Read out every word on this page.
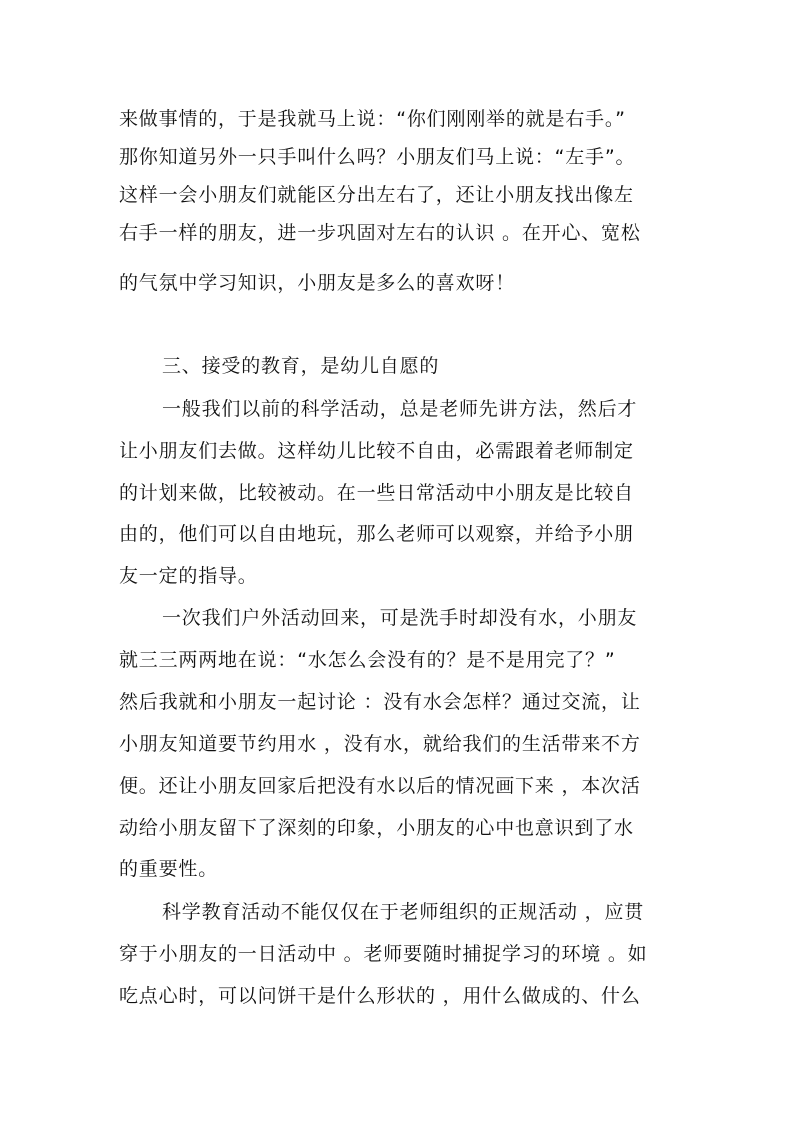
来做事情的，于是我就马上说：“你们刚刚举的就是右手。”
那你知道另外一只手叫什么吗？小朋友们马上说：“左手”。
这样一会小朋友们就能区分出左右了，还让小朋友找出像左
右手一样的朋友，进一步巩固对左右的认识 。在开心、宽松
的气氛中学习知识，小朋友是多么的喜欢呀！
三、接受的教育，是幼儿自愿的
一般我们以前的科学活动，总是老师先讲方法，然后才
让小朋友们去做。这样幼儿比较不自由，必需跟着老师制定
的计划来做，比较被动。在一些日常活动中小朋友是比较自
由的，他们可以自由地玩，那么老师可以观察，并给予小朋
友一定的指导。
一次我们户外活动回来，可是洗手时却没有水，小朋友
就三三两两地在说：“水怎么会没有的？是不是用完了？”
然后我就和小朋友一起讨论 ：没有水会怎样？通过交流，让
小朋友知道要节约用水 ，没有水，就给我们的生活带来不方
便。还让小朋友回家后把没有水以后的情况画下来 ，本次活
动给小朋友留下了深刻的印象，小朋友的心中也意识到了水
的重要性。
科学教育活动不能仅仅在于老师组织的正规活动 ，应贯
穿于小朋友的一日活动中 。老师要随时捕捉学习的环境 。如
吃点心时，可以问饼干是什么形状的 ，用什么做成的、什么
